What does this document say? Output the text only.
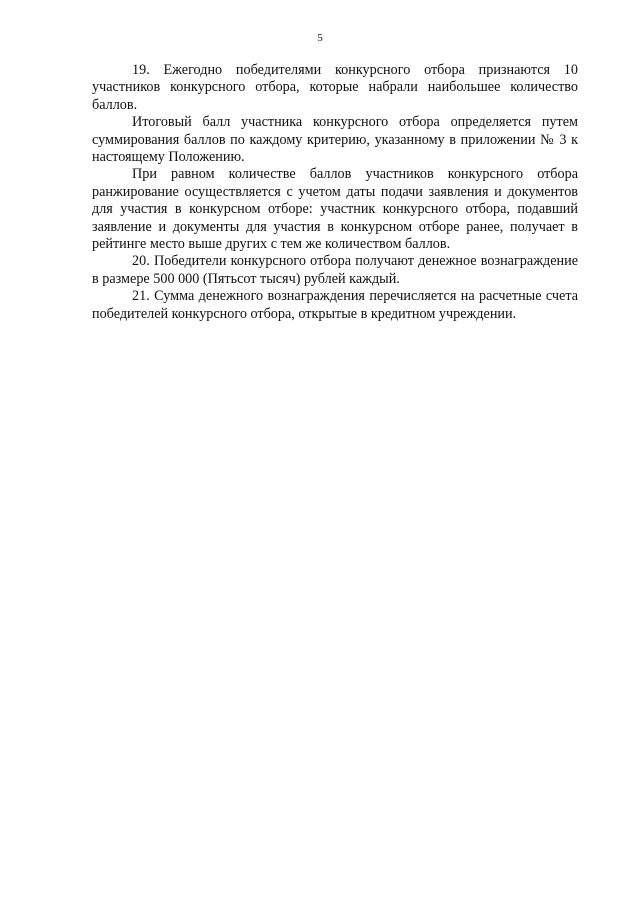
5

19. Ежегодно победителями конкурсного отбора признаются 10 участников конкурсного отбора, которые набрали наибольшее количество баллов.

Итоговый балл участника конкурсного отбора определяется путем суммирования баллов по каждому критерию, указанному в приложении № 3 к настоящему Положению.

При равном количестве баллов участников конкурсного отбора ранжирование осуществляется с учетом даты подачи заявления и документов для участия в конкурсном отборе: участник конкурсного отбора, подавший заявление и документы для участия в конкурсном отборе ранее, получает в рейтинге место выше других с тем же количеством баллов.

20. Победители конкурсного отбора получают денежное вознаграждение в размере 500 000 (Пятьсот тысяч) рублей каждый.

21. Сумма денежного вознаграждения перечисляется на расчетные счета победителей конкурсного отбора, открытые в кредитном учреждении.
